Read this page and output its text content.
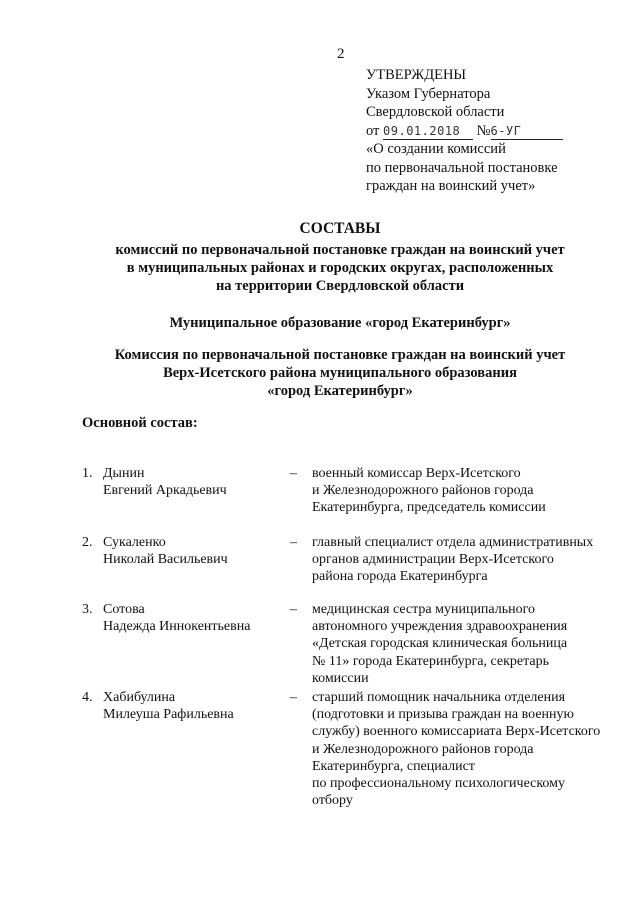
2
УТВЕРЖДЕНЫ
Указом Губернатора
Свердловской области
от 09.01.2018 №6-УГ
«О создании комиссий
по первоначальной постановке
граждан на воинский учет»
СОСТАВЫ
комиссий по первоначальной постановке граждан на воинский учет
в муниципальных районах и городских округах, расположенных
на территории Свердловской области
Муниципальное образование «город Екатеринбург»
Комиссия по первоначальной постановке граждан на воинский учет
Верх-Исетского района муниципального образования
«город Екатеринбург»
Основной состав:
1. Дынин
Евгений Аркадьевич
– военный комиссар Верх-Исетского
и Железнодорожного районов города
Екатеринбурга, председатель комиссии
2. Сукаленко
Николай Васильевич
– главный специалист отдела административных
органов администрации Верх-Исетского
района города Екатеринбурга
3. Сотова
Надежда Иннокентьевна
– медицинская сестра муниципального
автономного учреждения здравоохранения
«Детская городская клиническая больница
№ 11» города Екатеринбурга, секретарь
комиссии
4. Хабибулина
Милеуша Рафильевна
– старший помощник начальника отделения
(подготовки и призыва граждан на военную
службу) военного комиссариата Верх-Исетского
и Железнодорожного районов города
Екатеринбурга, специалист
по профессиональному психологическому
отбору
